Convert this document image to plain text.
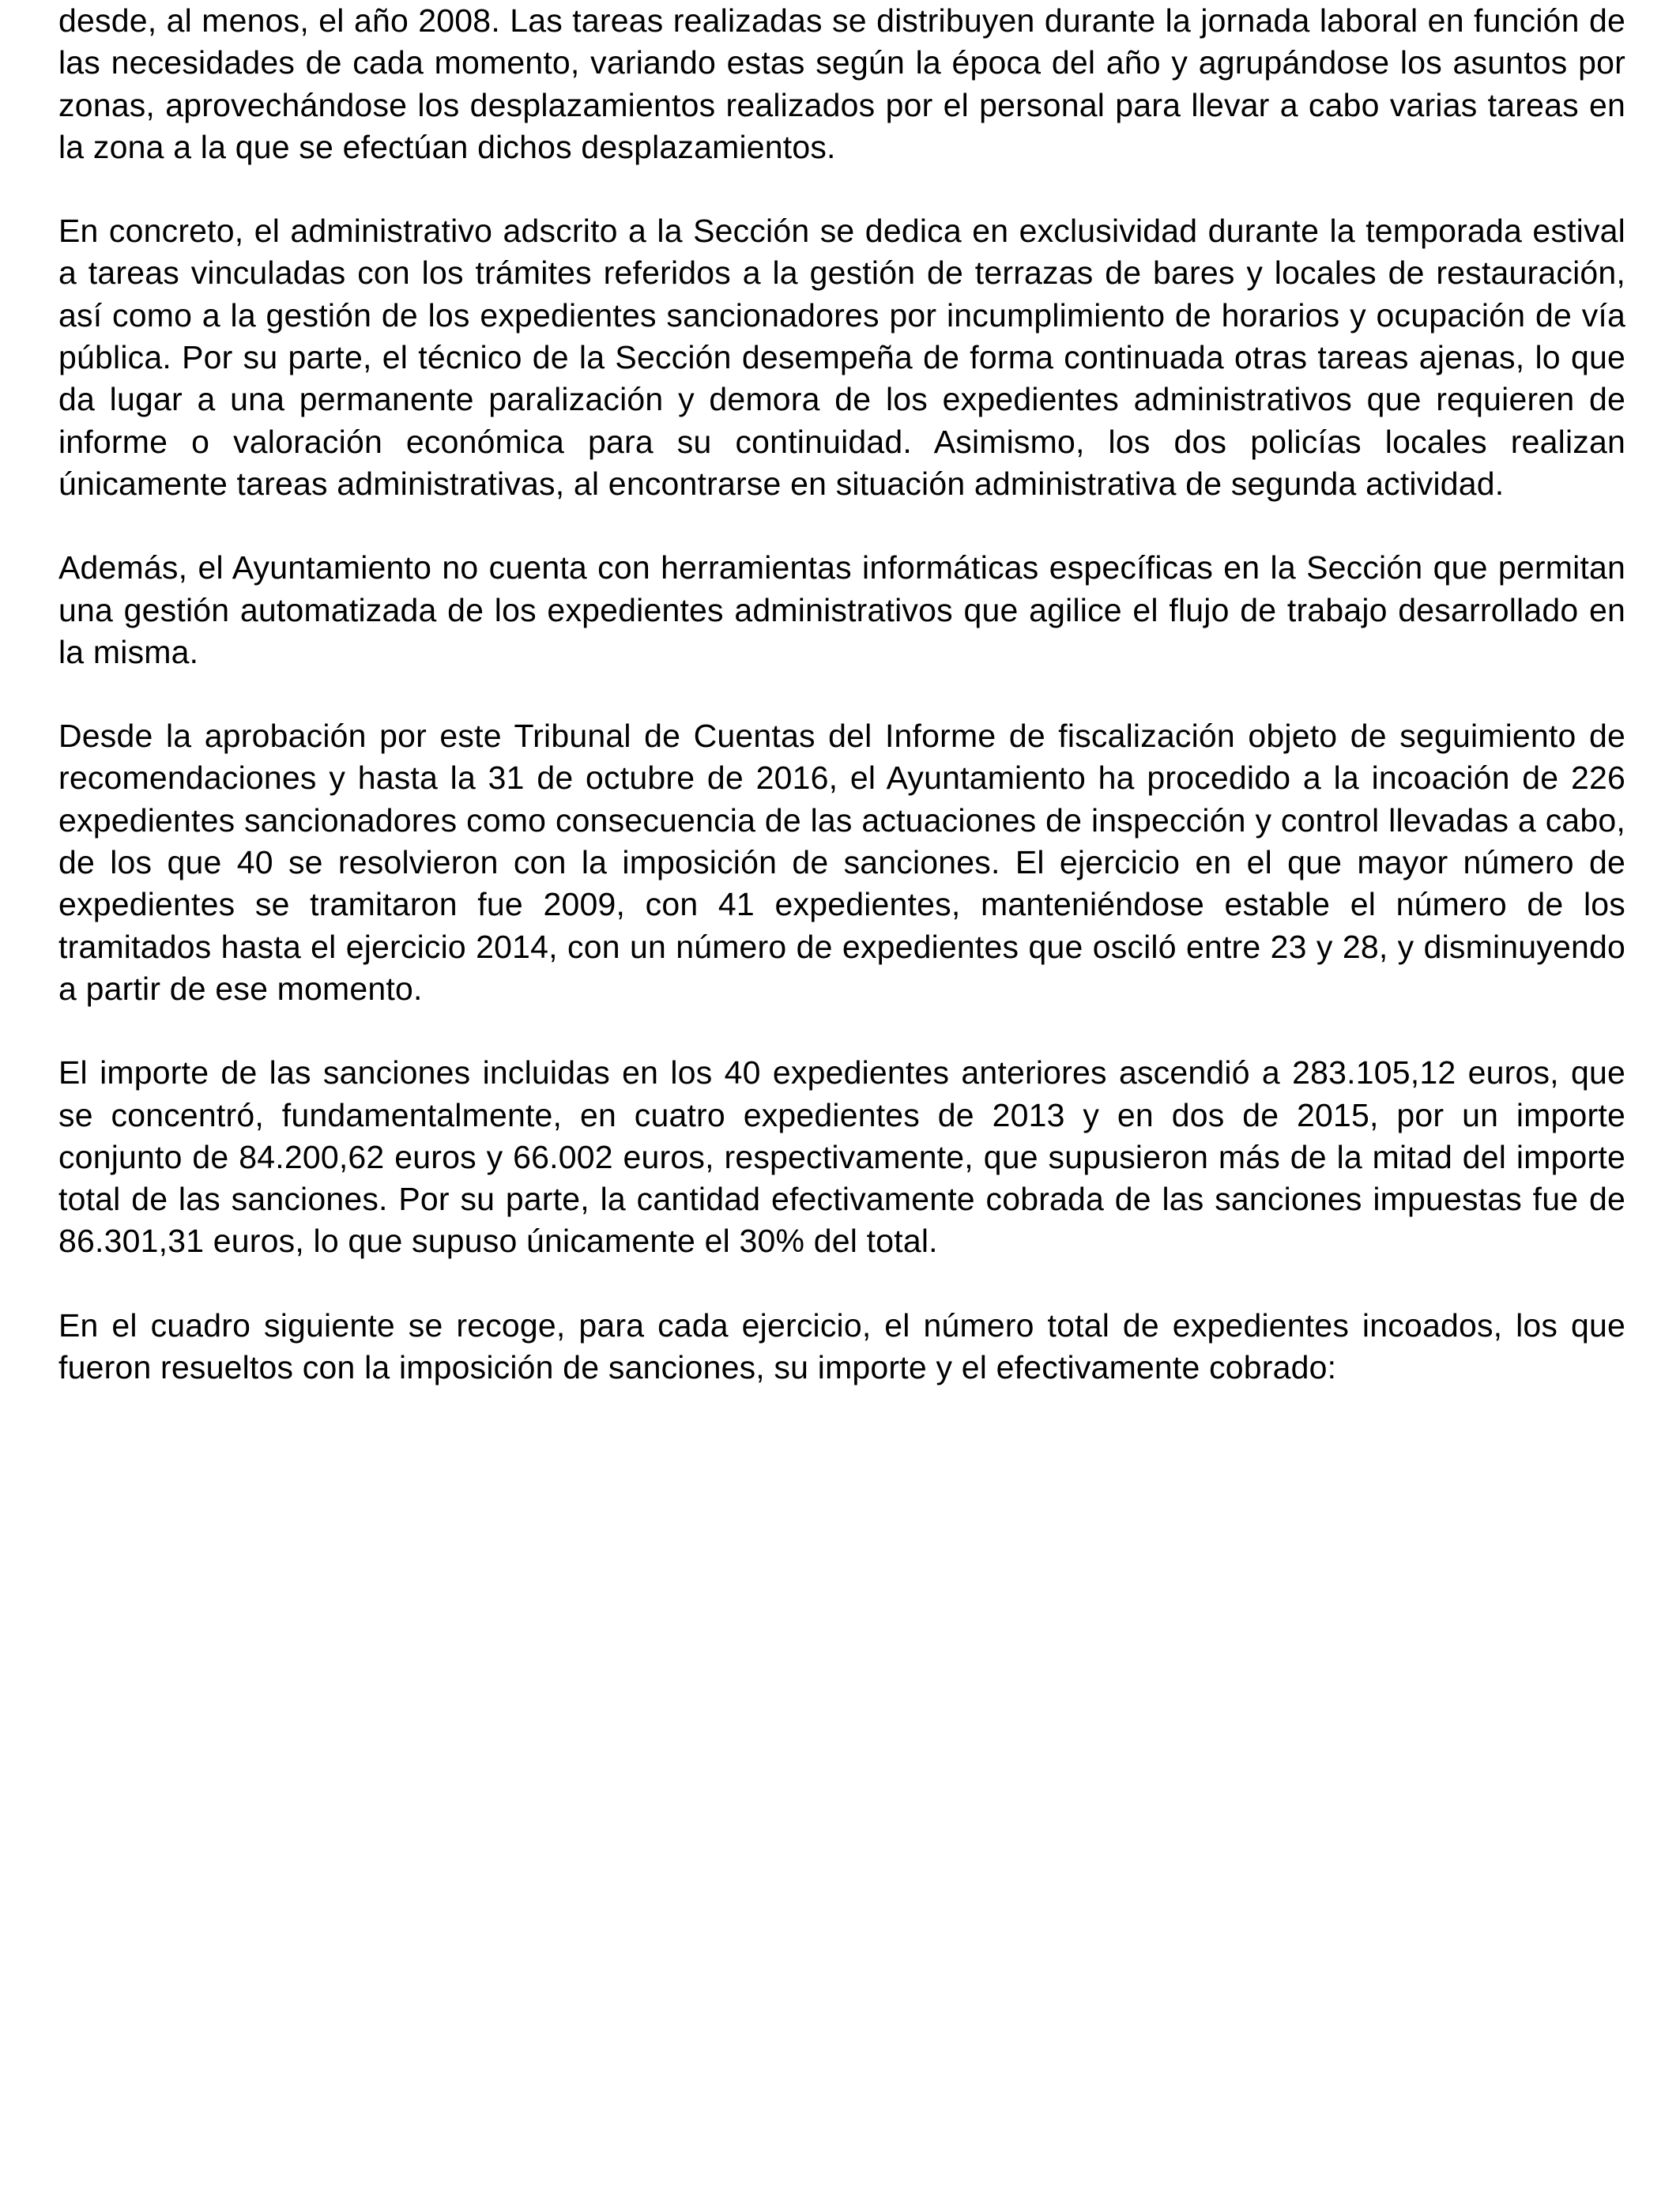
desde, al menos, el año 2008. Las tareas realizadas se distribuyen durante la jornada laboral en función de las necesidades de cada momento, variando estas según la época del año y agrupándose los asuntos por zonas, aprovechándose los desplazamientos realizados por el personal para llevar a cabo varias tareas en la zona a la que se efectúan dichos desplazamientos.

En concreto, el administrativo adscrito a la Sección se dedica en exclusividad durante la temporada estival a tareas vinculadas con los trámites referidos a la gestión de terrazas de bares y locales de restauración, así como a la gestión de los expedientes sancionadores por incumplimiento de horarios y ocupación de vía pública. Por su parte, el técnico de la Sección desempeña de forma continuada otras tareas ajenas, lo que da lugar a una permanente paralización y demora de los expedientes administrativos que requieren de informe o valoración económica para su continuidad. Asimismo, los dos policías locales realizan únicamente tareas administrativas, al encontrarse en situación administrativa de segunda actividad.

Además, el Ayuntamiento no cuenta con herramientas informáticas específicas en la Sección que permitan una gestión automatizada de los expedientes administrativos que agilice el flujo de trabajo desarrollado en la misma.

Desde la aprobación por este Tribunal de Cuentas del Informe de fiscalización objeto de seguimiento de recomendaciones y hasta la 31 de octubre de 2016, el Ayuntamiento ha procedido a la incoación de 226 expedientes sancionadores como consecuencia de las actuaciones de inspección y control llevadas a cabo, de los que 40 se resolvieron con la imposición de sanciones. El ejercicio en el que mayor número de expedientes se tramitaron fue 2009, con 41 expedientes, manteniéndose estable el número de los tramitados hasta el ejercicio 2014, con un número de expedientes que osciló entre 23 y 28, y disminuyendo a partir de ese momento.

El importe de las sanciones incluidas en los 40 expedientes anteriores ascendió a 283.105,12 euros, que se concentró, fundamentalmente, en cuatro expedientes de 2013 y en dos de 2015, por un importe conjunto de 84.200,62 euros y 66.002 euros, respectivamente, que supusieron más de la mitad del importe total de las sanciones. Por su parte, la cantidad efectivamente cobrada de las sanciones impuestas fue de 86.301,31 euros, lo que supuso únicamente el 30% del total.

En el cuadro siguiente se recoge, para cada ejercicio, el número total de expedientes incoados, los que fueron resueltos con la imposición de sanciones, su importe y el efectivamente cobrado:
